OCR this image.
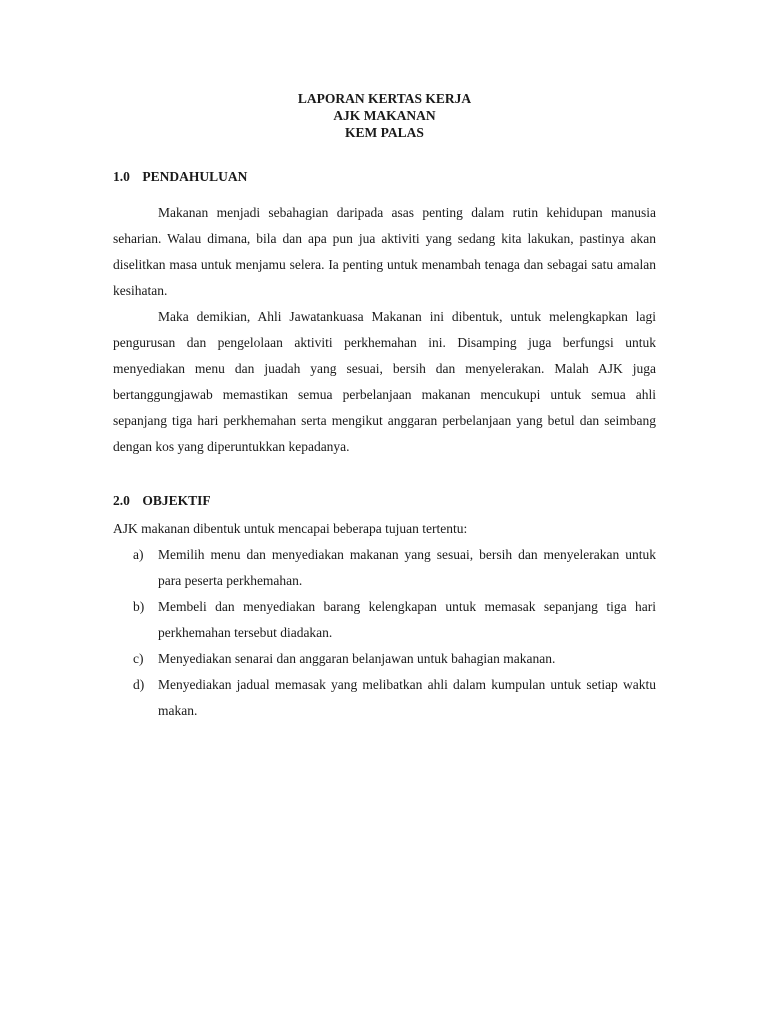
LAPORAN KERTAS KERJA
AJK MAKANAN
KEM PALAS
1.0 PENDAHULUAN

Makanan menjadi sebahagian daripada asas penting dalam rutin kehidupan manusia seharian. Walau dimana, bila dan apa pun jua aktiviti yang sedang kita lakukan, pastinya akan diselitkan masa untuk menjamu selera. Ia penting untuk menambah tenaga dan sebagai satu amalan kesihatan.

Maka demikian, Ahli Jawatankuasa Makanan ini dibentuk, untuk melengkapkan lagi pengurusan dan pengelolaan aktiviti perkhemahan ini. Disamping juga berfungsi untuk menyediakan menu dan juadah yang sesuai, bersih dan menyelerakan. Malah AJK juga bertanggungjawab memastikan semua perbelanjaan makanan mencukupi untuk semua ahli sepanjang tiga hari perkhemahan serta mengikut anggaran perbelanjaan yang betul dan seimbang dengan kos yang diperuntukkan kepadanya.

2.0 OBJEKTIF

AJK makanan dibentuk untuk mencapai beberapa tujuan tertentu:

a) Memilih menu dan menyediakan makanan yang sesuai, bersih dan menyelerakan untuk para peserta perkhemahan.
b) Membeli dan menyediakan barang kelengkapan untuk memasak sepanjang tiga hari perkhemahan tersebut diadakan.
c) Menyediakan senarai dan anggaran belanjawan untuk bahagian makanan.
d) Menyediakan jadual memasak yang melibatkan ahli dalam kumpulan untuk setiap waktu makan.
